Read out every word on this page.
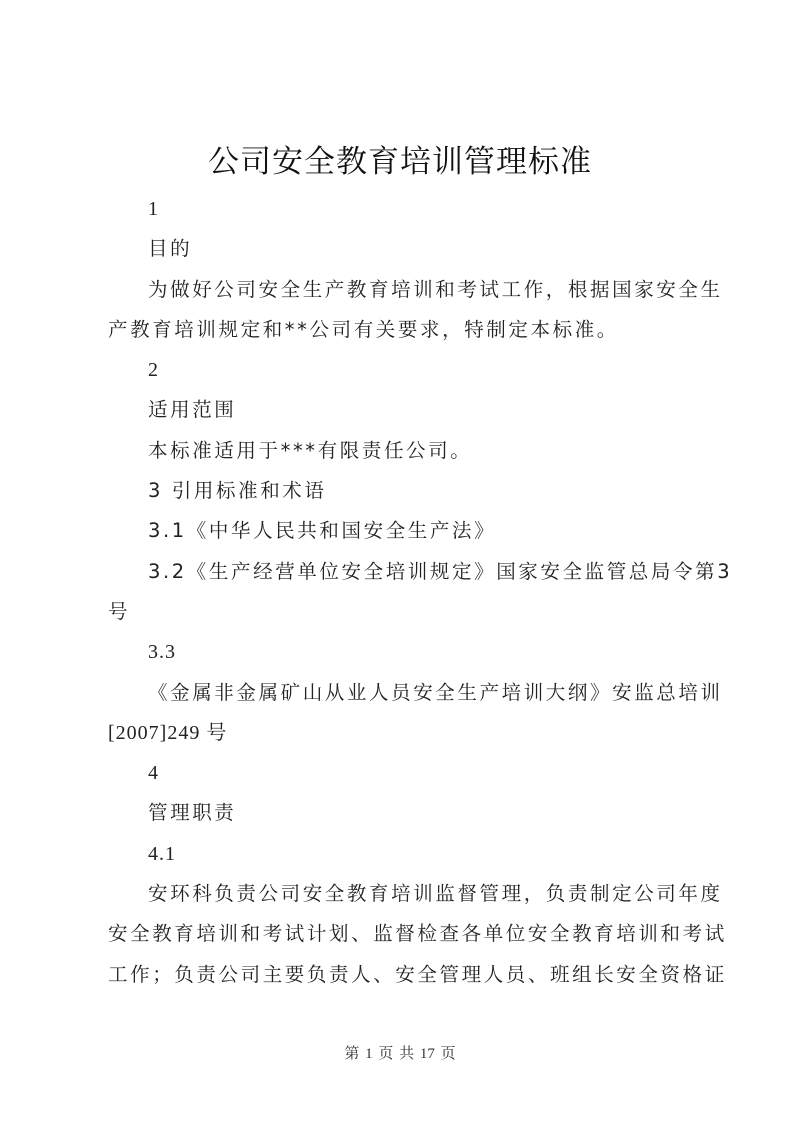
公司安全教育培训管理标准
1
目的
为做好公司安全生产教育培训和考试工作，根据国家安全生
产教育培训规定和**公司有关要求，特制定本标准。
2
适用范围
本标准适用于***有限责任公司。
3 引用标准和术语
3.1《中华人民共和国安全生产法》
3.2《生产经营单位安全培训规定》国家安全监管总局令第3
号
3.3
《金属非金属矿山从业人员安全生产培训大纲》安监总培训
[2007]249 号
4
管理职责
4.1
安环科负责公司安全教育培训监督管理，负责制定公司年度
安全教育培训和考试计划、监督检查各单位安全教育培训和考试
工作；负责公司主要负责人、安全管理人员、班组长安全资格证
第 1 页 共 17 页
